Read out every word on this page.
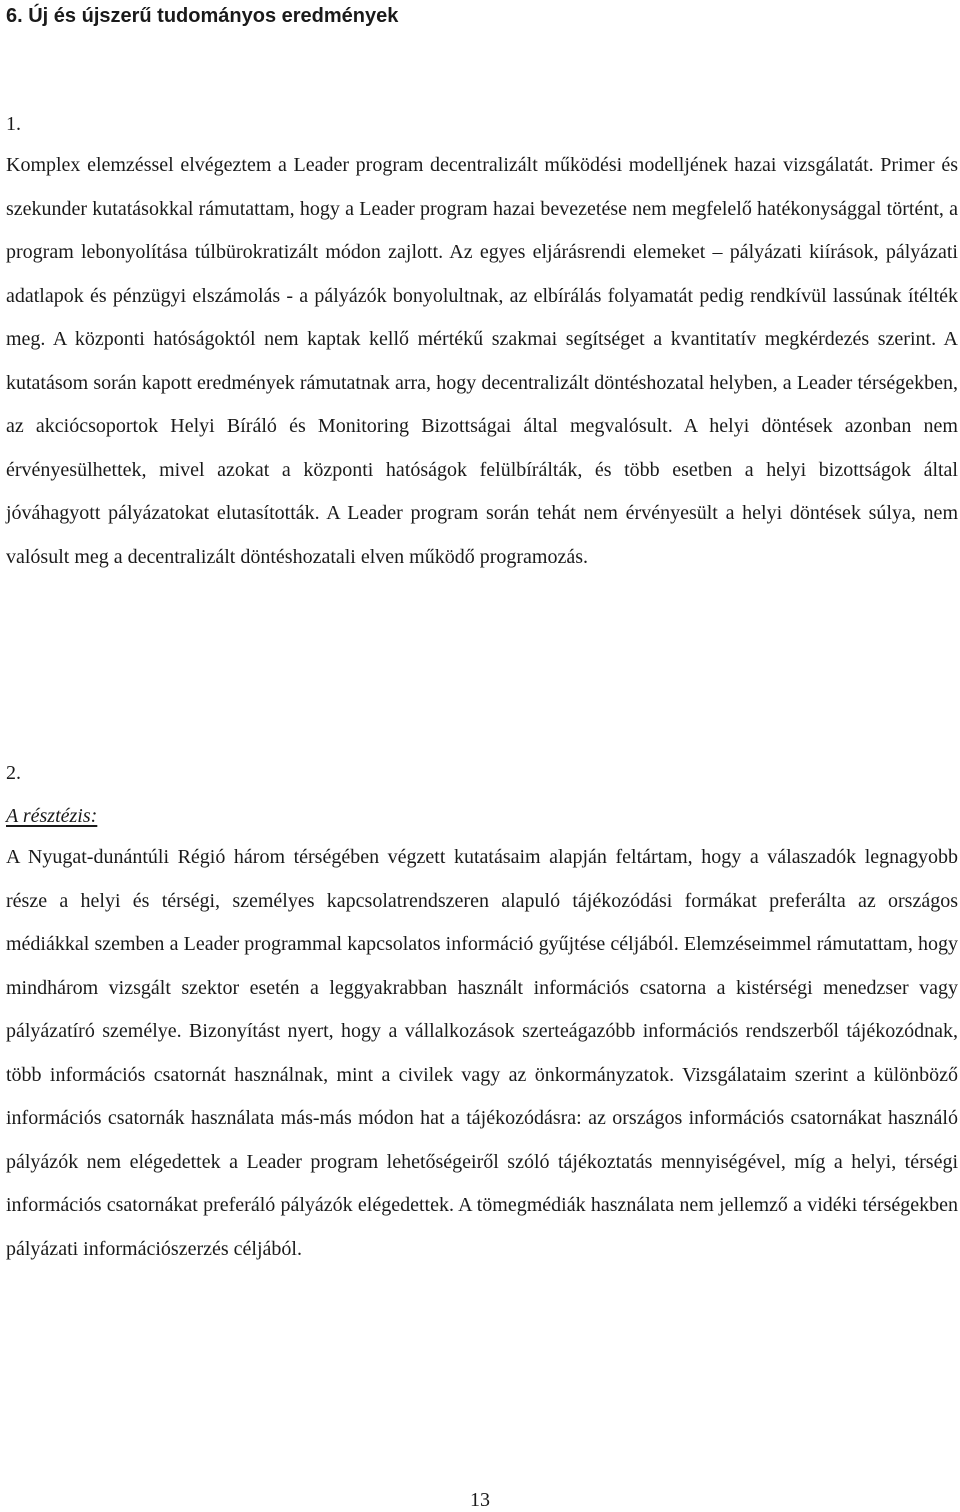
6. Új és újszerű tudományos eredmények

1.

Komplex elemzéssel elvégeztem a Leader program decentralizált működési modelljének hazai vizsgálatát. Primer és szekunder kutatásokkal rámutattam, hogy a Leader program hazai bevezetése nem megfelelő hatékonysággal történt, a program lebonyolítása túlbürokratizált módon zajlott. Az egyes eljárásrendi elemeket – pályázati kiírások, pályázati adatlapok és pénzügyi elszámolás - a pályázók bonyolultnak, az elbírálás folyamatát pedig rendkívül lassúnak ítélték meg. A központi hatóságoktól nem kaptak kellő mértékű szakmai segítséget a kvantitatív megkérdezés szerint. A kutatásom során kapott eredmények rámutatnak arra, hogy decentralizált döntéshozatal helyben, a Leader térségekben, az akciócsoportok Helyi Bíráló és Monitoring Bizottságai által megvalósult. A helyi döntések azonban nem érvényesülhettek, mivel azokat a központi hatóságok felülbírálták, és több esetben a helyi bizottságok által jóváhagyott pályázatokat elutasították. A Leader program során tehát nem érvényesült a helyi döntések súlya, nem valósult meg a decentralizált döntéshozatali elven működő programozás.

2.

A résztézis:

A Nyugat-dunántúli Régió három térségében végzett kutatásaim alapján feltártam, hogy a válaszadók legnagyobb része a helyi és térségi, személyes kapcsolatrendszeren alapuló tájékozódási formákat preferálta az országos médiákkal szemben a Leader programmal kapcsolatos információ gyűjtése céljából. Elemzéseimmel rámutattam, hogy mindhárom vizsgált szektor esetén a leggyakrabban használt információs csatorna a kistérségi menedzser vagy pályázatíró személye. Bizonyítást nyert, hogy a vállalkozások szerteágazóbb információs rendszerből tájékozódnak, több információs csatornát használnak, mint a civilek vagy az önkormányzatok. Vizsgálataim szerint a különböző információs csatornák használata más-más módon hat a tájékozódásra: az országos információs csatornákat használó pályázók nem elégedettek a Leader program lehetőségeiről szóló tájékoztatás mennyiségével, míg a helyi, térségi információs csatornákat preferáló pályázók elégedettek. A tömegmédiák használata nem jellemző a vidéki térségekben pályázati információszerzés céljából.

13
